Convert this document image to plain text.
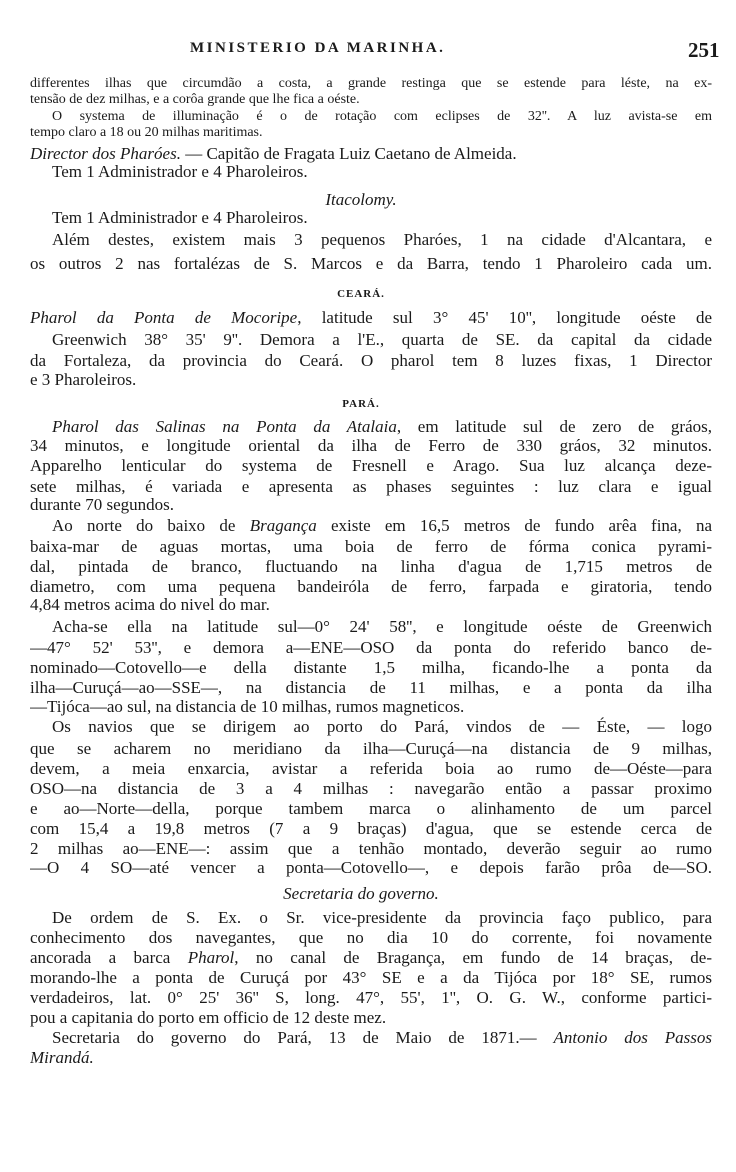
MINISTERIO DA MARINHA.	251
differentes ilhas que circumdão a costa, a grande restinga que se estende para léste, na ex-
tensão de dez milhas, e a corôa grande que lhe fica a oéste.
O systema de illuminação é o de rotação com eclipses de 32''. A luz avista-se em
tempo claro a 18 ou 20 milhas maritimas.
Director dos Pharóes. — Capitão de Fragata Luiz Caetano de Almeida.
Tem 1 Administrador e 4 Pharoleiros.
Itacolomy.
Tem 1 Administrador e 4 Pharoleiros.
Além destes, existem mais 3 pequenos Pharóes, 1 na cidade d'Alcantara, e
os outros 2 nas fortalézas de S. Marcos e da Barra, tendo 1 Pharoleiro cada um.
CEARÁ.
Pharol da Ponta de Mocoripe, latitude sul 3° 45' 10'', longitude oéste de
Greenwich 38° 35' 9''. Demora a l'E., quarta de SE. da capital da cidade
da Fortaleza, da provincia do Ceará. O pharol tem 8 luzes fixas, 1 Director
e 3 Pharoleiros.
PARÁ.
Pharol das Salinas na Ponta da Atalaia, em latitude sul de zero de gráos,
34 minutos, e longitude oriental da ilha de Ferro de 330 gráos, 32 minutos.
Apparelho lenticular do systema de Fresnell e Arago. Sua luz alcança deze-
sete milhas, é variada e apresenta as phases seguintes : luz clara e igual
durante 70 segundos.
Ao norte do baixo de Bragança existe em 16,5 metros de fundo arêa fina, na
baixa-mar de aguas mortas, uma boia de ferro de fórma conica pyrami-
dal, pintada de branco, fluctuando na linha d'agua de 1,715 metros de
diametro, com uma pequena bandeiróla de ferro, farpada e giratoria, tendo
4,84 metros acima do nivel do mar.
Acha-se ella na latitude sul—0° 24' 58'', e longitude oéste de Greenwich
—47° 52' 53'', e demora a—ENE—OSO da ponta do referido banco de-
nominado—Cotovello—e della distante 1,5 milha, ficando-lhe a ponta da
ilha—Curuçá—ao—SSE—, na distancia de 11 milhas, e a ponta da ilha
—Tijóca—ao sul, na distancia de 10 milhas, rumos magneticos.
Os navios que se dirigem ao porto do Pará, vindos de — Éste, — logo
que se acharem no meridiano da ilha—Curuçá—na distancia de 9 milhas,
devem, a meia enxarcia, avistar a referida boia ao rumo de—Oéste—para
OSO—na distancia de 3 a 4 milhas : navegarão então a passar proximo
e ao—Norte—della, porque tambem marca o alinhamento de um parcel
com 15,4 a 19,8 metros (7 a 9 braças) d'agua, que se estende cerca de
2 milhas ao—ENE—: assim que a tenhão montado, deverão seguir ao rumo
—O 4 SO—até vencer a ponta—Cotovello—, e depois farão prôa de—SO.
Secretaria do governo.
De ordem de S. Ex. o Sr. vice-presidente da provincia faço publico, para
conhecimento dos navegantes, que no dia 10 do corrente, foi novamente
ancorada a barca Pharol, no canal de Bragança, em fundo de 14 braças, de-
morando-lhe a ponta de Curuçá por 43° SE e a da Tijóca por 18° SE, rumos
verdadeiros, lat. 0° 25' 36'' S, long. 47°, 55', 1'', O. G. W., conforme partici-
pou a capitania do porto em officio de 12 deste mez.
Secretaria do governo do Pará, 13 de Maio de 1871.— Antonio dos Passos
Mirandá.
